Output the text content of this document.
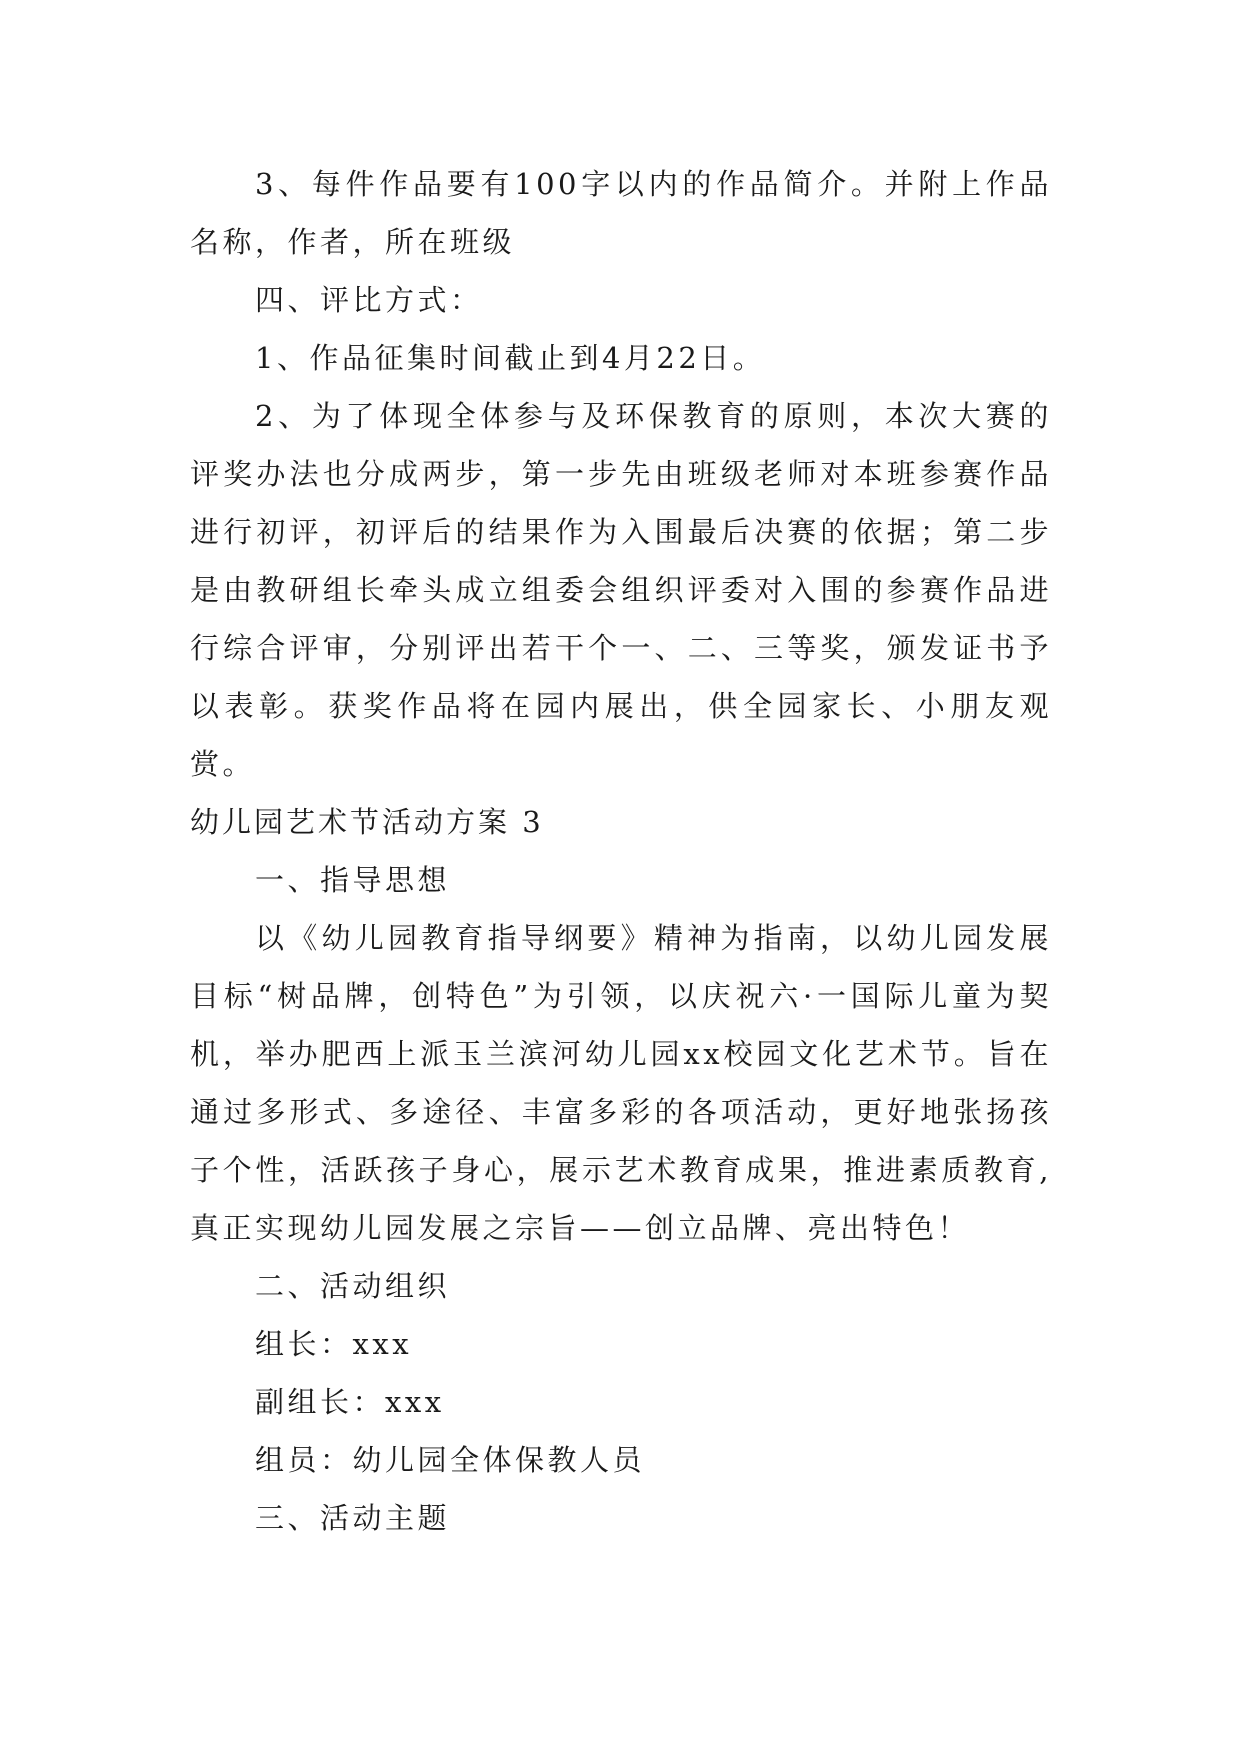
3、每件作品要有100字以内的作品简介。并附上作品名称，作者，所在班级

四、评比方式：

1、作品征集时间截止到4月22日。

2、为了体现全体参与及环保教育的原则，本次大赛的评奖办法也分成两步，第一步先由班级老师对本班参赛作品进行初评，初评后的结果作为入围最后决赛的依据；第二步是由教研组长牵头成立组委会组织评委对入围的参赛作品进行综合评审，分别评出若干个一、二、三等奖，颁发证书予以表彰。获奖作品将在园内展出，供全园家长、小朋友观赏。

幼儿园艺术节活动方案 3

一、指导思想

以《幼儿园教育指导纲要》精神为指南，以幼儿园发展目标“树品牌，创特色”为引领，以庆祝六·一国际儿童为契机，举办肥西上派玉兰滨河幼儿园xx校园文化艺术节。旨在通过多形式、多途径、丰富多彩的各项活动，更好地张扬孩子个性，活跃孩子身心，展示艺术教育成果，推进素质教育,真正实现幼儿园发展之宗旨——创立品牌、亮出特色！

二、活动组织

组长：xxx

副组长：xxx

组员：幼儿园全体保教人员

三、活动主题
